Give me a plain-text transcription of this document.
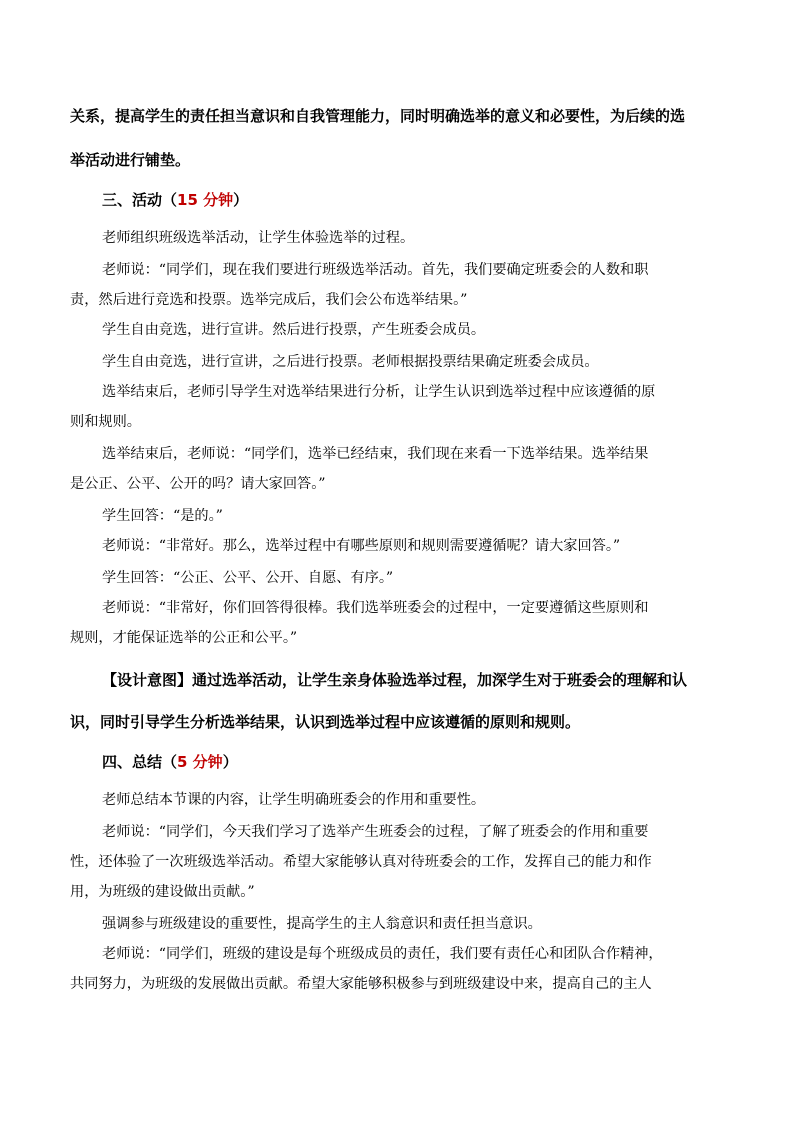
关系，提高学生的责任担当意识和自我管理能力，同时明确选举的意义和必要性，为后续的选
举活动进行铺垫。
三、活动（15 分钟）
老师组织班级选举活动，让学生体验选举的过程。
老师说：“同学们，现在我们要进行班级选举活动。首先，我们要确定班委会的人数和职
责，然后进行竞选和投票。选举完成后，我们会公布选举结果。”
学生自由竞选，进行宣讲。然后进行投票，产生班委会成员。
学生自由竞选，进行宣讲，之后进行投票。老师根据投票结果确定班委会成员。
选举结束后，老师引导学生对选举结果进行分析，让学生认识到选举过程中应该遵循的原
则和规则。
选举结束后，老师说：“同学们，选举已经结束，我们现在来看一下选举结果。选举结果
是公正、公平、公开的吗？请大家回答。”
学生回答：“是的。”
老师说：“非常好。那么，选举过程中有哪些原则和规则需要遵循呢？请大家回答。”
学生回答：“公正、公平、公开、自愿、有序。”
老师说：“非常好，你们回答得很棒。我们选举班委会的过程中，一定要遵循这些原则和
规则，才能保证选举的公正和公平。”
【设计意图】通过选举活动，让学生亲身体验选举过程，加深学生对于班委会的理解和认
识，同时引导学生分析选举结果，认识到选举过程中应该遵循的原则和规则。
四、总结（5 分钟）
老师总结本节课的内容，让学生明确班委会的作用和重要性。
老师说：“同学们，今天我们学习了选举产生班委会的过程，了解了班委会的作用和重要
性，还体验了一次班级选举活动。希望大家能够认真对待班委会的工作，发挥自己的能力和作
用，为班级的建设做出贡献。”
强调参与班级建设的重要性，提高学生的主人翁意识和责任担当意识。
老师说：“同学们，班级的建设是每个班级成员的责任，我们要有责任心和团队合作精神，
共同努力，为班级的发展做出贡献。希望大家能够积极参与到班级建设中来，提高自己的主人
